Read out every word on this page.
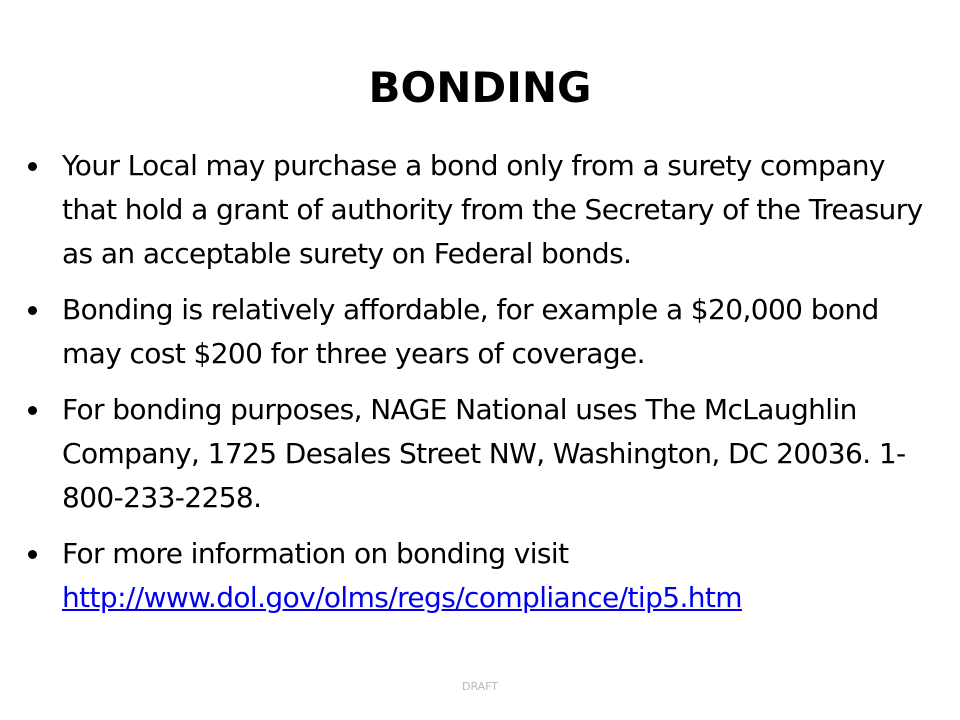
BONDING
Your Local may purchase a bond only from a surety company that hold a grant of authority from the Secretary of the Treasury as an acceptable surety on Federal bonds.
Bonding is relatively affordable, for example a $20,000 bond may cost $200 for three years of coverage.
For bonding purposes, NAGE National uses The McLaughlin Company, 1725 Desales Street NW, Washington, DC 20036. 1-800-233-2258.
For more information on bonding visit
http://www.dol.gov/olms/regs/compliance/tip5.htm
DRAFT
